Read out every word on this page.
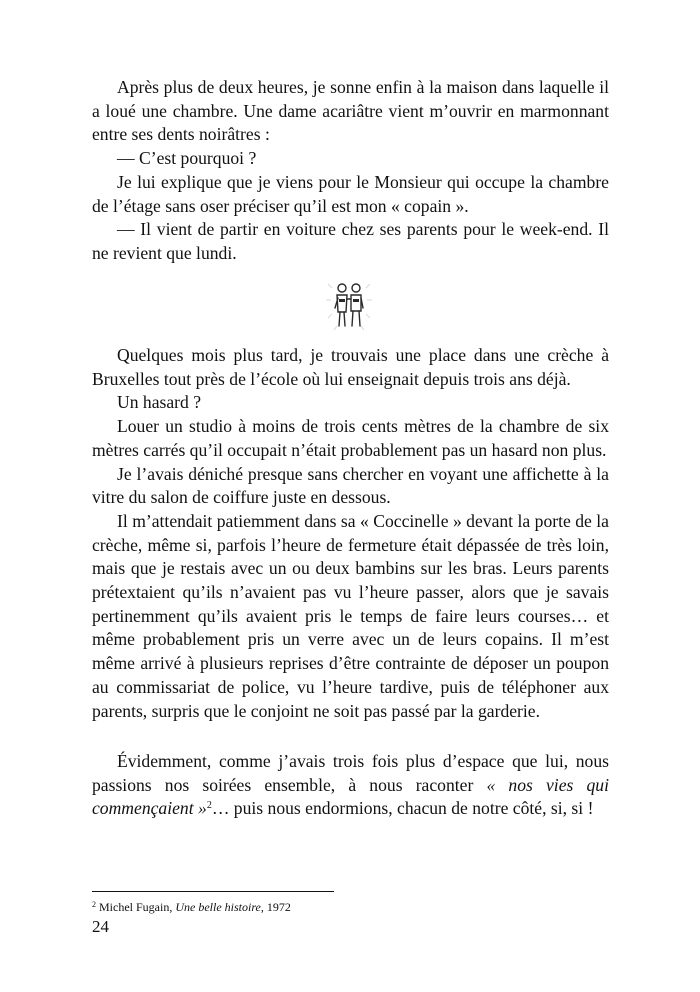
Après plus de deux heures, je sonne enfin à la maison dans laquelle il a loué une chambre. Une dame acariâtre vient m’ouvrir en marmonnant entre ses dents noirâtres :

— C’est pourquoi ?

Je lui explique que je viens pour le Monsieur qui occupe la chambre de l’étage sans oser préciser qu’il est mon « copain ».

— Il vient de partir en voiture chez ses parents pour le week-end. Il ne revient que lundi.

Quelques mois plus tard, je trouvais une place dans une crèche à Bruxelles tout près de l’école où lui enseignait depuis trois ans déjà.

Un hasard ?

Louer un studio à moins de trois cents mètres de la chambre de six mètres carrés qu’il occupait n’était probablement pas un hasard non plus.

Je l’avais déniché presque sans chercher en voyant une affichette à la vitre du salon de coiffure juste en dessous.

Il m’attendait patiemment dans sa « Coccinelle » devant la porte de la crèche, même si, parfois l’heure de fermeture était dépassée de très loin, mais que je restais avec un ou deux bambins sur les bras. Leurs parents prétextaient qu’ils n’avaient pas vu l’heure passer, alors que je savais pertinemment qu’ils avaient pris le temps de faire leurs courses… et même probablement pris un verre avec un de leurs copains. Il m’est même arrivé à plusieurs reprises d’être contrainte de déposer un poupon au commissariat de police, vu l’heure tardive, puis de téléphoner aux parents, surpris que le conjoint ne soit pas passé par la garderie.

Évidemment, comme j’avais trois fois plus d’espace que lui, nous passions nos soirées ensemble, à nous raconter « nos vies qui commençaient »$^2$… puis nous endormions, chacun de notre côté, si, si !

$^2$ Michel Fugain, Une belle histoire, 1972
24
